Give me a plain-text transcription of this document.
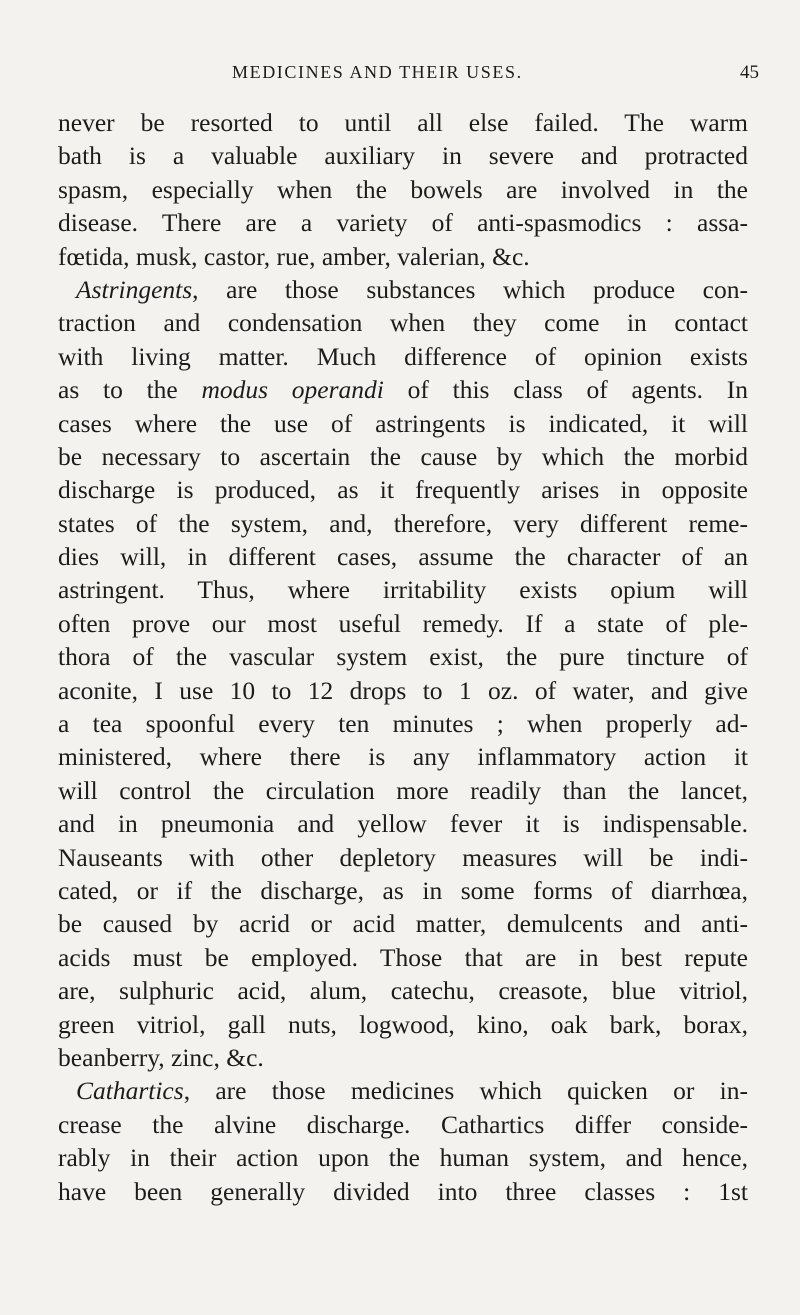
MEDICINES AND THEIR USES.	45
never be resorted to until all else failed. The warm
bath is a valuable auxiliary in severe and protracted
spasm, especially when the bowels are involved in the
disease. There are a variety of anti-spasmodics : assa-
fœtida, musk, castor, rue, amber, valerian, &c.
Astringents, are those substances which produce con-
traction and condensation when they come in contact
with living matter. Much difference of opinion exists
as to the modus operandi of this class of agents. In
cases where the use of astringents is indicated, it will
be necessary to ascertain the cause by which the morbid
discharge is produced, as it frequently arises in opposite
states of the system, and, therefore, very different reme-
dies will, in different cases, assume the character of an
astringent. Thus, where irritability exists opium will
often prove our most useful remedy. If a state of ple-
thora of the vascular system exist, the pure tincture of
aconite, I use 10 to 12 drops to 1 oz. of water, and give
a tea spoonful every ten minutes ; when properly ad-
ministered, where there is any inflammatory action it
will control the circulation more readily than the lancet,
and in pneumonia and yellow fever it is indispensable.
Nauseants with other depletory measures will be indi-
cated, or if the discharge, as in some forms of diarrhœa,
be caused by acrid or acid matter, demulcents and anti-
acids must be employed. Those that are in best repute
are, sulphuric acid, alum, catechu, creasote, blue vitriol,
green vitriol, gall nuts, logwood, kino, oak bark, borax,
beanberry, zinc, &c.
Cathartics, are those medicines which quicken or in-
crease the alvine discharge. Cathartics differ conside-
rably in their action upon the human system, and hence,
have been generally divided into three classes : 1st
